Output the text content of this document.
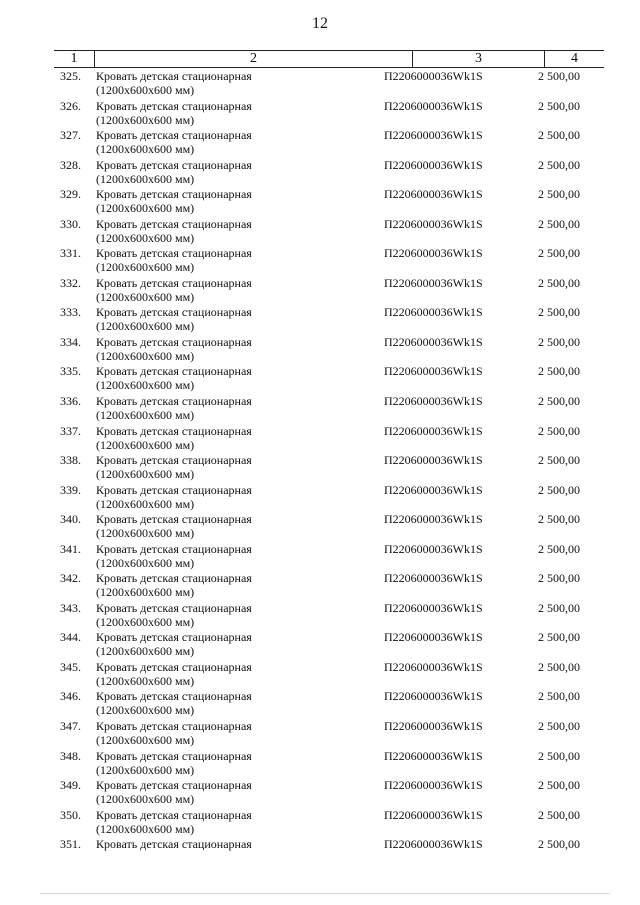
12
1	2	3	4
325. Кровать детская стационарная
(1200х600х600 мм)
П2206000036Wk1S	2 500,00
326. Кровать детская стационарная
(1200х600х600 мм)
П2206000036Wk1S	2 500,00
327. Кровать детская стационарная
(1200х600х600 мм)
П2206000036Wk1S	2 500,00
328. Кровать детская стационарная
(1200х600х600 мм)
П2206000036Wk1S	2 500,00
329. Кровать детская стационарная
(1200х600х600 мм)
П2206000036Wk1S	2 500,00
330. Кровать детская стационарная
(1200х600х600 мм)
П2206000036Wk1S	2 500,00
331. Кровать детская стационарная
(1200х600х600 мм)
П2206000036Wk1S	2 500,00
332. Кровать детская стационарная
(1200х600х600 мм)
П2206000036Wk1S	2 500,00
333. Кровать детская стационарная
(1200х600х600 мм)
П2206000036Wk1S	2 500,00
334. Кровать детская стационарная
(1200х600х600 мм)
П2206000036Wk1S	2 500,00
335. Кровать детская стационарная
(1200х600х600 мм)
П2206000036Wk1S	2 500,00
336. Кровать детская стационарная
(1200х600х600 мм)
П2206000036Wk1S	2 500,00
337. Кровать детская стационарная
(1200х600х600 мм)
П2206000036Wk1S	2 500,00
338. Кровать детская стационарная
(1200х600х600 мм)
П2206000036Wk1S	2 500,00
339. Кровать детская стационарная
(1200х600х600 мм)
П2206000036Wk1S	2 500,00
340. Кровать детская стационарная
(1200х600х600 мм)
П2206000036Wk1S	2 500,00
341. Кровать детская стационарная
(1200х600х600 мм)
П2206000036Wk1S	2 500,00
342. Кровать детская стационарная
(1200х600х600 мм)
П2206000036Wk1S	2 500,00
343. Кровать детская стационарная
(1200х600х600 мм)
П2206000036Wk1S	2 500,00
344. Кровать детская стационарная
(1200х600х600 мм)
П2206000036Wk1S	2 500,00
345. Кровать детская стационарная
(1200х600х600 мм)
П2206000036Wk1S	2 500,00
346. Кровать детская стационарная
(1200х600х600 мм)
П2206000036Wk1S	2 500,00
347. Кровать детская стационарная
(1200х600х600 мм)
П2206000036Wk1S	2 500,00
348. Кровать детская стационарная
(1200х600х600 мм)
П2206000036Wk1S	2 500,00
349. Кровать детская стационарная
(1200х600х600 мм)
П2206000036Wk1S	2 500,00
350. Кровать детская стационарная
(1200х600х600 мм)
П2206000036Wk1S	2 500,00
351. Кровать детская стационарная	П2206000036Wk1S	2 500,00
